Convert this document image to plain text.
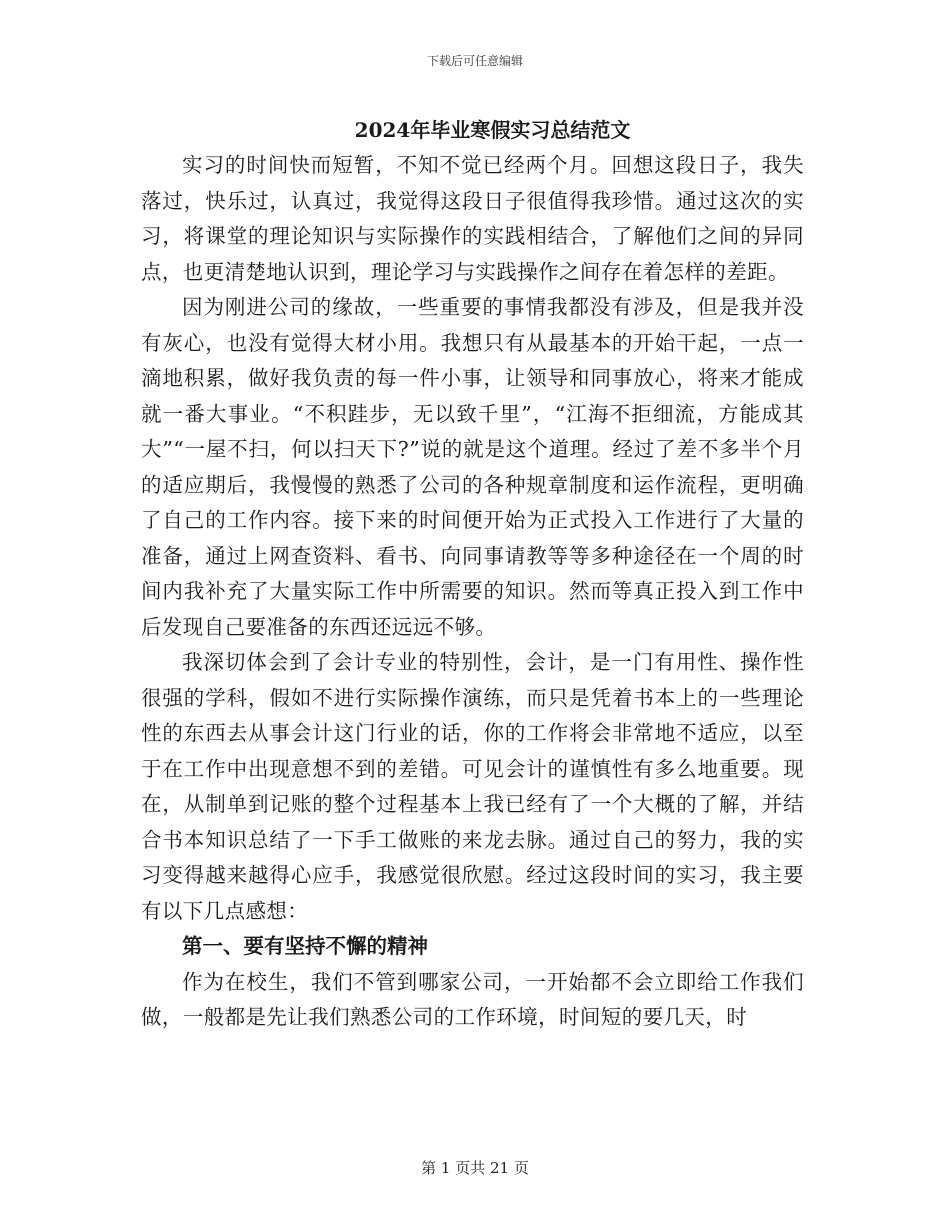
下载后可任意编辑
2024年毕业寒假实习总结范文

实习的时间快而短暂，不知不觉已经两个月。回想这段日子，我失落过，快乐过，认真过，我觉得这段日子很值得我珍惜。通过这次的实习，将课堂的理论知识与实际操作的实践相结合，了解他们之间的异同点，也更清楚地认识到，理论学习与实践操作之间存在着怎样的差距。

因为刚进公司的缘故，一些重要的事情我都没有涉及，但是我并没有灰心，也没有觉得大材小用。我想只有从最基本的开始干起，一点一滴地积累，做好我负责的每一件小事，让领导和同事放心，将来才能成就一番大事业。“不积跬步，无以致千里”，“江海不拒细流，方能成其大”“一屋不扫，何以扫天下?”说的就是这个道理。经过了差不多半个月的适应期后，我慢慢的熟悉了公司的各种规章制度和运作流程，更明确了自己的工作内容。接下来的时间便开始为正式投入工作进行了大量的准备，通过上网查资料、看书、向同事请教等等多种途径在一个周的时间内我补充了大量实际工作中所需要的知识。然而等真正投入到工作中后发现自己要准备的东西还远远不够。

我深切体会到了会计专业的特别性，会计，是一门有用性、操作性很强的学科，假如不进行实际操作演练，而只是凭着书本上的一些理论性的东西去从事会计这门行业的话，你的工作将会非常地不适应，以至于在工作中出现意想不到的差错。可见会计的谨慎性有多么地重要。现在，从制单到记账的整个过程基本上我已经有了一个大概的了解，并结合书本知识总结了一下手工做账的来龙去脉。通过自己的努力，我的实习变得越来越得心应手，我感觉很欣慰。经过这段时间的实习，我主要有以下几点感想：

第一、要有坚持不懈的精神

作为在校生，我们不管到哪家公司，一开始都不会立即给工作我们做，一般都是先让我们熟悉公司的工作环境，时间短的要几天，时

第 1 页共 21 页
